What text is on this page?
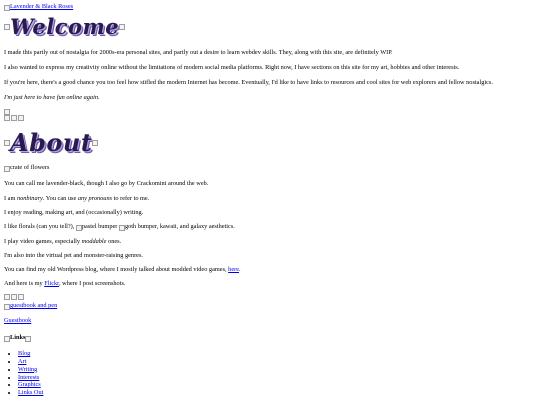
Lavender & Black Roses
Welcome
I made this partly out of nostalgia for 2000s-era personal sites, and partly out a desire to learn webdev skills. They, along with this site, are definitely WIP.
I also wanted to express my creativity online without the limitations of modern social media platforms. Right now, I have sections on this site for my art, hobbies and other interests.
If you're here, there's a good chance you too feel how stifled the modern Internet has become. Eventually, I'd like to have links to resources and cool sites for web explorers and fellow nostalgics.
I'm just here to have fun online again.
About
crate of flowers
You can call me lavender-black, though I also go by Crackomint around the web.
I am nonbinary. You can use any pronouns to refer to me.
I enjoy reading, making art, and (occasionally) writing.
I like florals (can you tell?), pastel bumper goth bumper, kawaii, and galaxy aesthetics.
I play video games, especially moddable ones.
I'm also into the virtual pet and monster-raising genres.
You can find my old Wordpress blog, where I mostly talked about modded video games, here.
And here is my Flickr, where I post screenshots.
guestbook and pen
Guestbook
Links
• Blog
• Art
• Writing
• Interests
• Graphics
• Links Out
